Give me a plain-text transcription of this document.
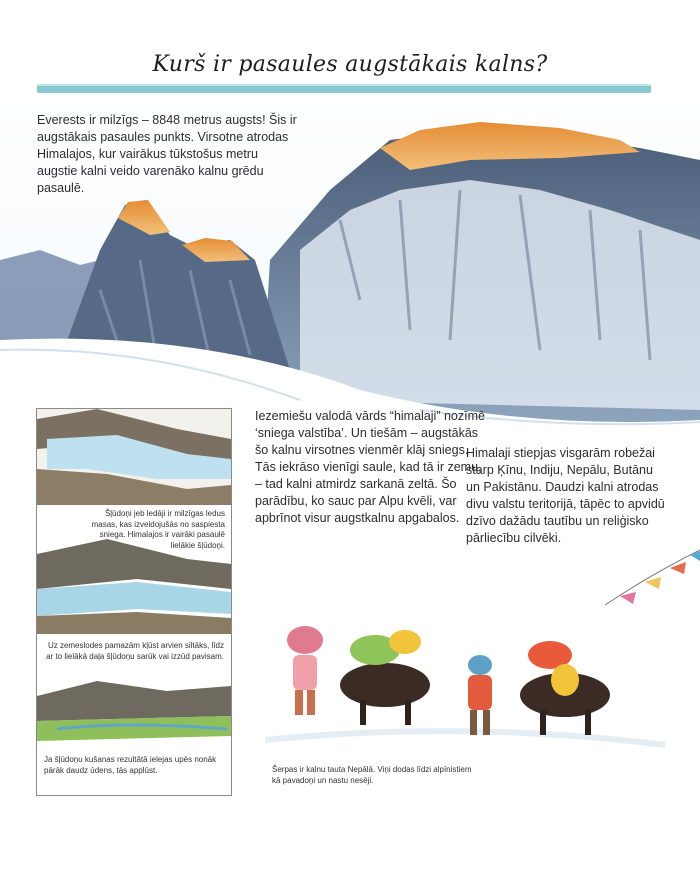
Kurš ir pasaules augstākais kalns?
Everests ir milzīgs – 8848 metrus augsts! Šis ir augstākais pasaules punkts. Virsotne atrodas Himalajos, kur vairākus tūkstošus metru augstie kalni veido varenāko kalnu grēdu pasaulē.
Šļūdoņi jeb ledāji ir milzīgas ledus masas, kas izveidojušās no saspiesta sniega. Himalajos ir vairāki pasaulē lielākie šļūdoņi.
Uz zemeslodes pamazām kļūst arvien siltāks, līdz ar to lielākā daļa šļūdoņu sarūk vai izzūd pavisam.
Ja šļūdoņu kušanas rezultātā ielejas upēs nonāk pārāk daudz ūdens, tās applūst.
Iezemiešu valodā vārds “himalaji” nozīmē ‘sniega valstība’. Un tiešām – augstākās šo kalnu virsotnes vienmēr klāj sniegs. Tās iekrāso vienīgi saule, kad tā ir zemu, – tad kalni atmirdz sarkanā zeltā. Šo parādību, ko sauc par Alpu kvēli, var apbrīnot visur augstkalnu apgabalos.
Himalaji stiepjas visgarām robežai starp Ķīnu, Indiju, Nepālu, Butānu un Pakistānu. Daudzi kalni atrodas divu valstu teritorijā, tāpēc to apvidū dzīvo dažādu tautību un reliģisko pārliecību cilvēki.
Šerpas ir kalnu tauta Nepālā. Viņi dodas līdzi alpīnistiem kā pavadoņi un nastu nesēji.
